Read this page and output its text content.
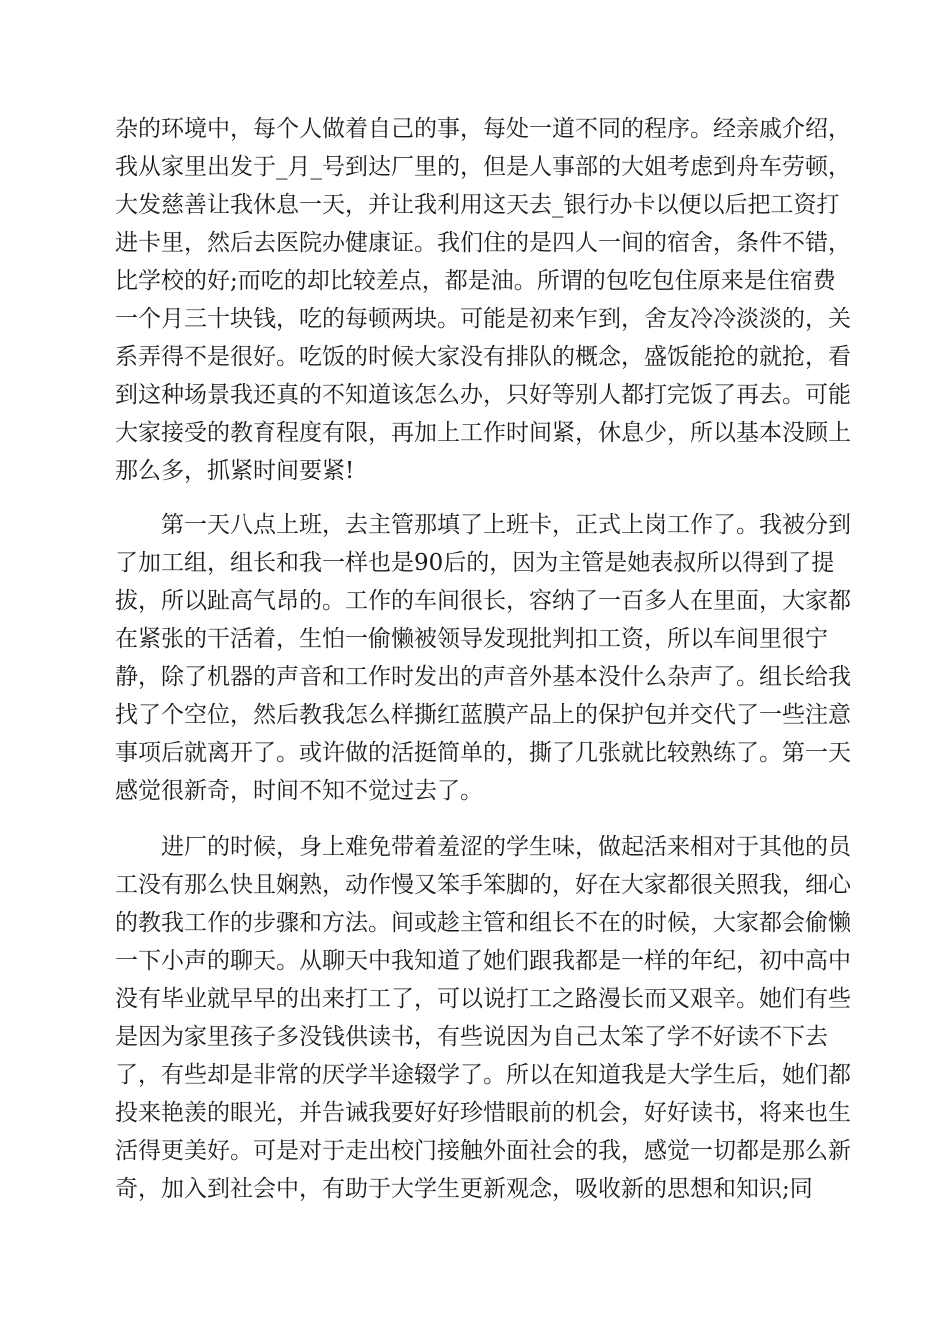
杂的环境中，每个人做着自己的事，每处一道不同的程序。经亲戚介绍，
我从家里出发于_月_号到达厂里的，但是人事部的大姐考虑到舟车劳顿，
大发慈善让我休息一天，并让我利用这天去_银行办卡以便以后把工资打
进卡里，然后去医院办健康证。我们住的是四人一间的宿舍，条件不错，
比学校的好;而吃的却比较差点，都是油。所谓的包吃包住原来是住宿费
一个月三十块钱，吃的每顿两块。可能是初来乍到，舍友冷冷淡淡的，关
系弄得不是很好。吃饭的时候大家没有排队的概念，盛饭能抢的就抢，看
到这种场景我还真的不知道该怎么办，只好等别人都打完饭了再去。可能
大家接受的教育程度有限，再加上工作时间紧，休息少，所以基本没顾上
那么多，抓紧时间要紧!
第一天八点上班，去主管那填了上班卡，正式上岗工作了。我被分到
了加工组，组长和我一样也是90后的，因为主管是她表叔所以得到了提
拔，所以趾高气昂的。工作的车间很长，容纳了一百多人在里面，大家都
在紧张的干活着，生怕一偷懒被领导发现批判扣工资，所以车间里很宁
静，除了机器的声音和工作时发出的声音外基本没什么杂声了。组长给我
找了个空位，然后教我怎么样撕红蓝膜产品上的保护包并交代了一些注意
事项后就离开了。或许做的活挺简单的，撕了几张就比较熟练了。第一天
感觉很新奇，时间不知不觉过去了。
进厂的时候，身上难免带着羞涩的学生味，做起活来相对于其他的员
工没有那么快且娴熟，动作慢又笨手笨脚的，好在大家都很关照我，细心
的教我工作的步骤和方法。间或趁主管和组长不在的时候，大家都会偷懒
一下小声的聊天。从聊天中我知道了她们跟我都是一样的年纪，初中高中
没有毕业就早早的出来打工了，可以说打工之路漫长而又艰辛。她们有些
是因为家里孩子多没钱供读书，有些说因为自己太笨了学不好读不下去
了，有些却是非常的厌学半途辍学了。所以在知道我是大学生后，她们都
投来艳羡的眼光，并告诫我要好好珍惜眼前的机会，好好读书，将来也生
活得更美好。可是对于走出校门接触外面社会的我，感觉一切都是那么新
奇，加入到社会中，有助于大学生更新观念，吸收新的思想和知识;同
